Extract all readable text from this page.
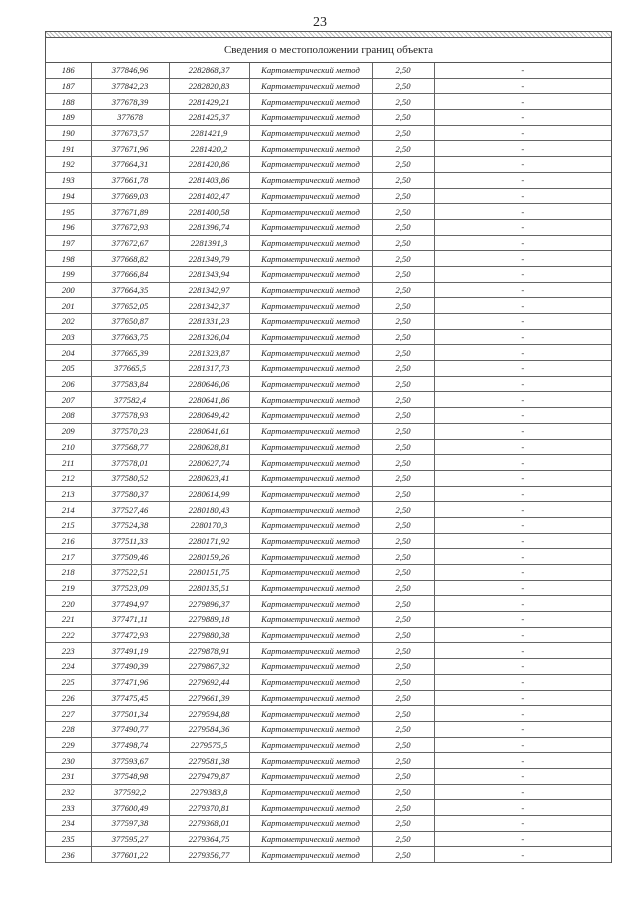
23
Сведения о местоположении границ объекта
186	377846,96	2282868,37	Картометрический метод	2,50	-
187	377842,23	2282820,83	Картометрический метод	2,50	-
188	377678,39	2281429,21	Картометрический метод	2,50	-
189	377678	2281425,37	Картометрический метод	2,50	-
190	377673,57	2281421,9	Картометрический метод	2,50	-
191	377671,96	2281420,2	Картометрический метод	2,50	-
192	377664,31	2281420,86	Картометрический метод	2,50	-
193	377661,78	2281403,86	Картометрический метод	2,50	-
194	377669,03	2281402,47	Картометрический метод	2,50	-
195	377671,89	2281400,58	Картометрический метод	2,50	-
196	377672,93	2281396,74	Картометрический метод	2,50	-
197	377672,67	2281391,3	Картометрический метод	2,50	-
198	377668,82	2281349,79	Картометрический метод	2,50	-
199	377666,84	2281343,94	Картометрический метод	2,50	-
200	377664,35	2281342,97	Картометрический метод	2,50	-
201	377652,05	2281342,37	Картометрический метод	2,50	-
202	377650,87	2281331,23	Картометрический метод	2,50	-
203	377663,75	2281326,04	Картометрический метод	2,50	-
204	377665,39	2281323,87	Картометрический метод	2,50	-
205	377665,5	2281317,73	Картометрический метод	2,50	-
206	377583,84	2280646,06	Картометрический метод	2,50	-
207	377582,4	2280641,86	Картометрический метод	2,50	-
208	377578,93	2280649,42	Картометрический метод	2,50	-
209	377570,23	2280641,61	Картометрический метод	2,50	-
210	377568,77	2280628,81	Картометрический метод	2,50	-
211	377578,01	2280627,74	Картометрический метод	2,50	-
212	377580,52	2280623,41	Картометрический метод	2,50	-
213	377580,37	2280614,99	Картометрический метод	2,50	-
214	377527,46	2280180,43	Картометрический метод	2,50	-
215	377524,38	2280170,3	Картометрический метод	2,50	-
216	377511,33	2280171,92	Картометрический метод	2,50	-
217	377509,46	2280159,26	Картометрический метод	2,50	-
218	377522,51	2280151,75	Картометрический метод	2,50	-
219	377523,09	2280135,51	Картометрический метод	2,50	-
220	377494,97	2279896,37	Картометрический метод	2,50	-
221	377471,11	2279889,18	Картометрический метод	2,50	-
222	377472,93	2279880,38	Картометрический метод	2,50	-
223	377491,19	2279878,91	Картометрический метод	2,50	-
224	377490,39	2279867,32	Картометрический метод	2,50	-
225	377471,96	2279692,44	Картометрический метод	2,50	-
226	377475,45	2279661,39	Картометрический метод	2,50	-
227	377501,34	2279594,88	Картометрический метод	2,50	-
228	377490,77	2279584,36	Картометрический метод	2,50	-
229	377498,74	2279575,5	Картометрический метод	2,50	-
230	377593,67	2279581,38	Картометрический метод	2,50	-
231	377548,98	2279479,87	Картометрический метод	2,50	-
232	377592,2	2279383,8	Картометрический метод	2,50	-
233	377600,49	2279370,81	Картометрический метод	2,50	-
234	377597,38	2279368,01	Картометрический метод	2,50	-
235	377595,27	2279364,75	Картометрический метод	2,50	-
236	377601,22	2279356,77	Картометрический метод	2,50	-
